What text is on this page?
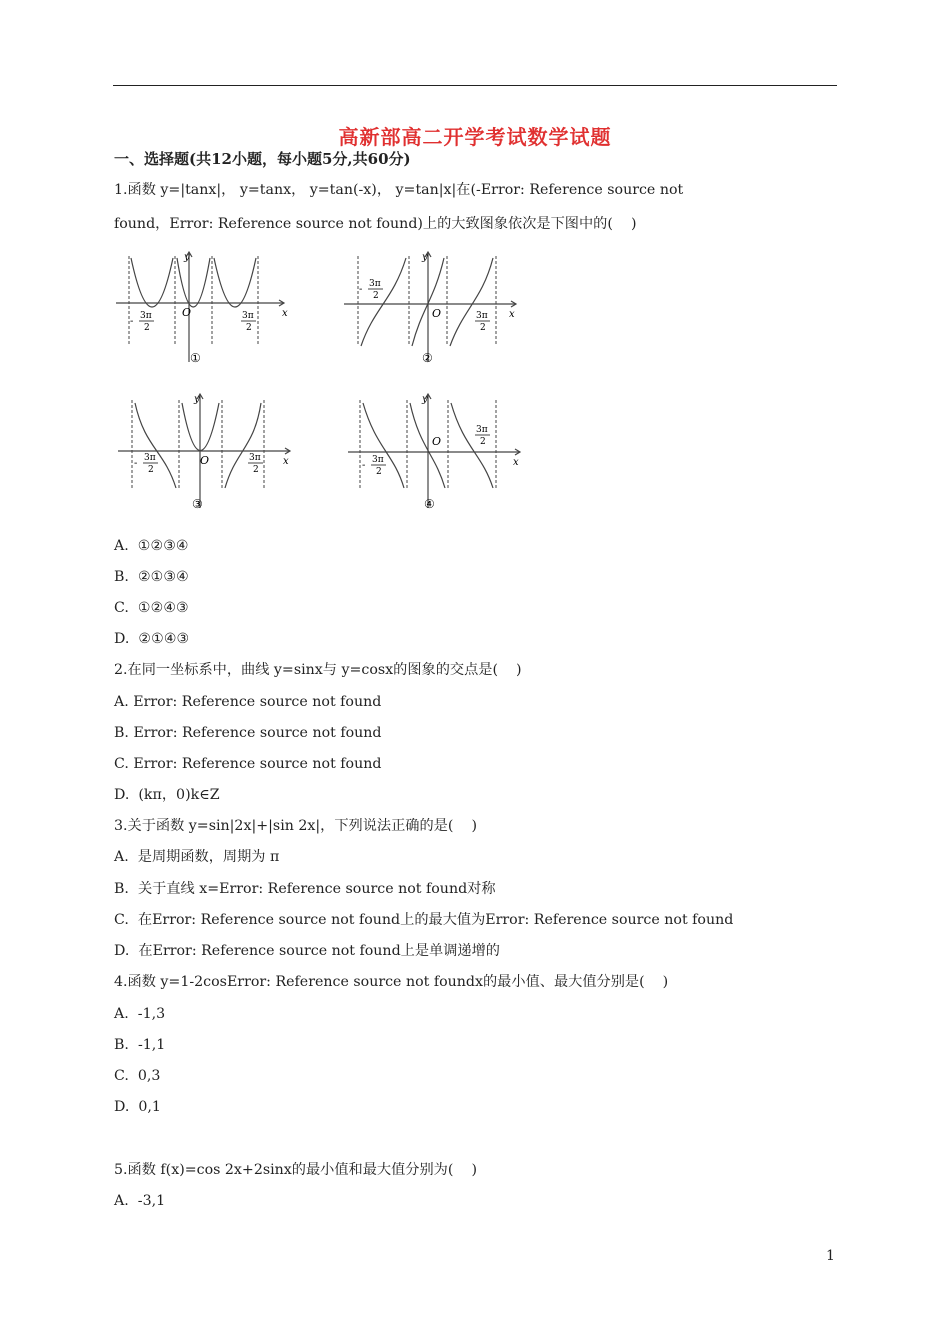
高新部高二开学考试数学试题
一、选择题(共12小题，每小题5分,共60分)
1.函数 y=|tanx|， y=tanx， y=tan(-x)， y=tan|x|在(-Error: Reference source not
found，Error: Reference source not found)上的大致图象依次是下图中的(    )
A.  ①②③④
B.  ②①③④
C.  ①②④③
D.  ②①④③
2.在同一坐标系中，曲线 y=sinx与 y=cosx的图象的交点是(    )
A. Error: Reference source not found
B. Error: Reference source not found
C. Error: Reference source not found
D.  (kπ，0)k∈Z
3.关于函数 y=sin|2x|+|sin 2x|，下列说法正确的是(    )
A.  是周期函数，周期为 π
B.  关于直线 x=Error: Reference source not found对称
C.  在Error: Reference source not found上的最大值为Error: Reference source not found
D.  在Error: Reference source not found上是单调递增的
4.函数 y=1-2cosError: Reference source not foundx的最小值、最大值分别是(    )
A.  -1,3
B.  -1,1
C.  0,3
D.  0,1
5.函数 f(x)=cos 2x+2sinx的最小值和最大值分别为(    )
A.  -3,1
y
x
O
- 3π
2
3π
2
①
y
x
O
- 3π
2
3π
2
②
y
x
O
- 3π
2
3π
2
③
y
x
O
- 3π
2
3π
2
④
1
